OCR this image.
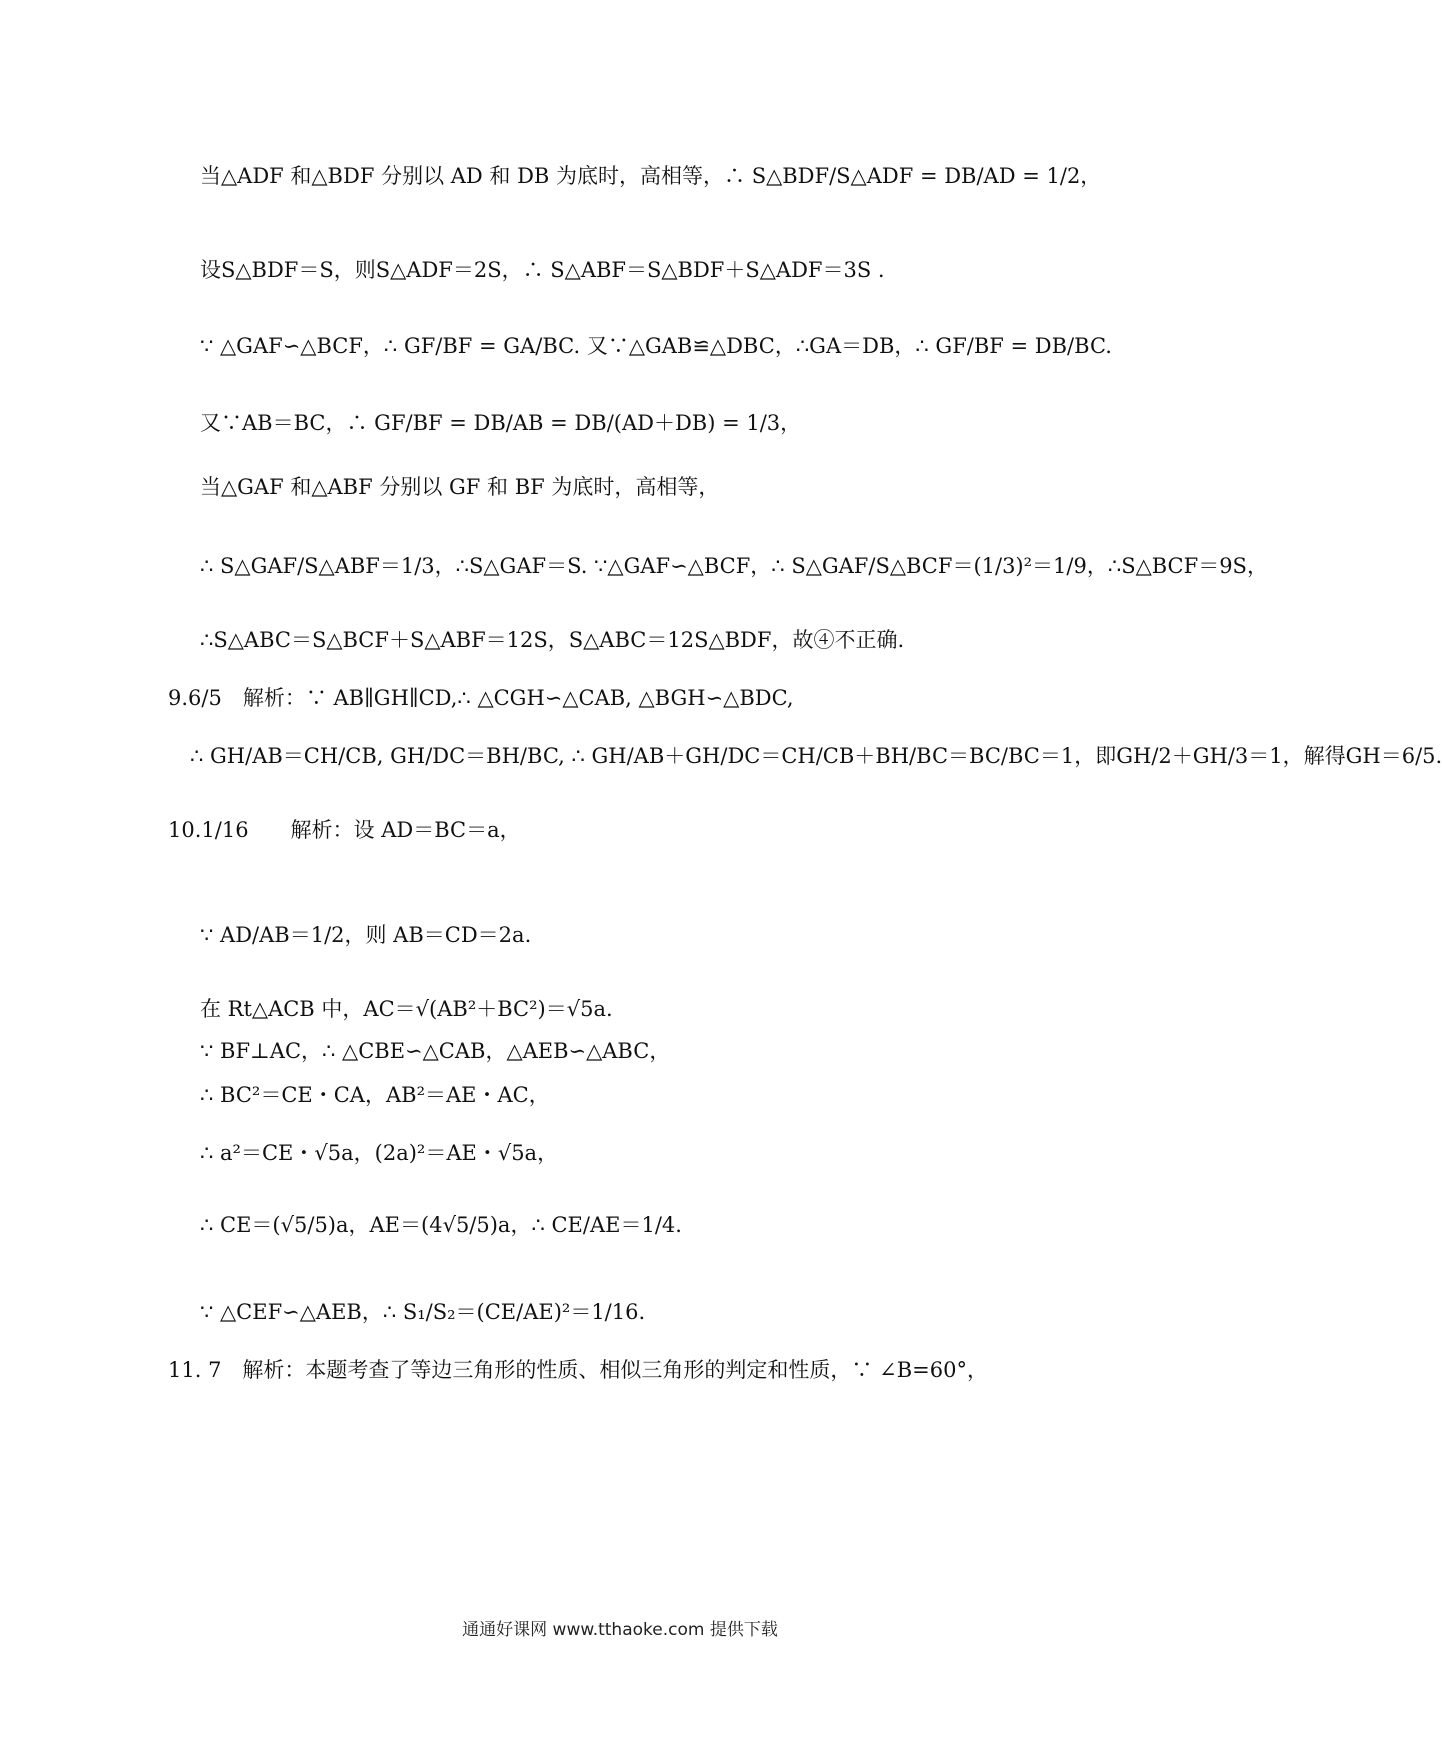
当△ADF 和△BDF 分别以 AD 和 DB 为底时，高相等，∴ S△BDF/S△ADF = DB/AD = 1/2，
设S△BDF＝S，则S△ADF＝2S，∴ S△ABF＝S△BDF＋S△ADF＝3S .
∵ △GAF∽△BCF，∴ GF/BF = GA/BC. 又∵△GAB≌△DBC，∴GA＝DB，∴ GF/BF = DB/BC.
又∵AB＝BC，∴ GF/BF = DB/AB = DB/(AD＋DB) = 1/3，
当△GAF 和△ABF 分别以 GF 和 BF 为底时，高相等，
∴ S△GAF/S△ABF＝1/3，∴S△GAF＝S. ∵△GAF∽△BCF，∴ S△GAF/S△BCF＝(1/3)²＝1/9，∴S△BCF＝9S，
∴S△ABC＝S△BCF＋S△ABF＝12S，S△ABC＝12S△BDF，故④不正确.
9.6/5　解析：∵ AB∥GH∥CD,∴ △CGH∽△CAB, △BGH∽△BDC,
∴ GH/AB＝CH/CB, GH/DC＝BH/BC, ∴ GH/AB＋GH/DC＝CH/CB＋BH/BC＝BC/BC＝1，即GH/2＋GH/3＝1，解得GH＝6/5.
10.1/16　　解析：设 AD＝BC＝a，
∵ AD/AB＝1/2，则 AB＝CD＝2a.
在 Rt△ACB 中，AC＝√(AB²＋BC²)＝√5a.
∵ BF⊥AC，∴ △CBE∽△CAB，△AEB∽△ABC，
∴ BC²＝CE・CA，AB²＝AE・AC，
∴ a²＝CE・√5a，(2a)²＝AE・√5a，
∴ CE＝(√5/5)a，AE＝(4√5/5)a，∴ CE/AE＝1/4.
∵ △CEF∽△AEB，∴ S₁/S₂＝(CE/AE)²＝1/16.
11. 7　解析：本题考查了等边三角形的性质、相似三角形的判定和性质，∵ ∠B=60°，
通通好课网 www.tthaoke.com 提供下载
